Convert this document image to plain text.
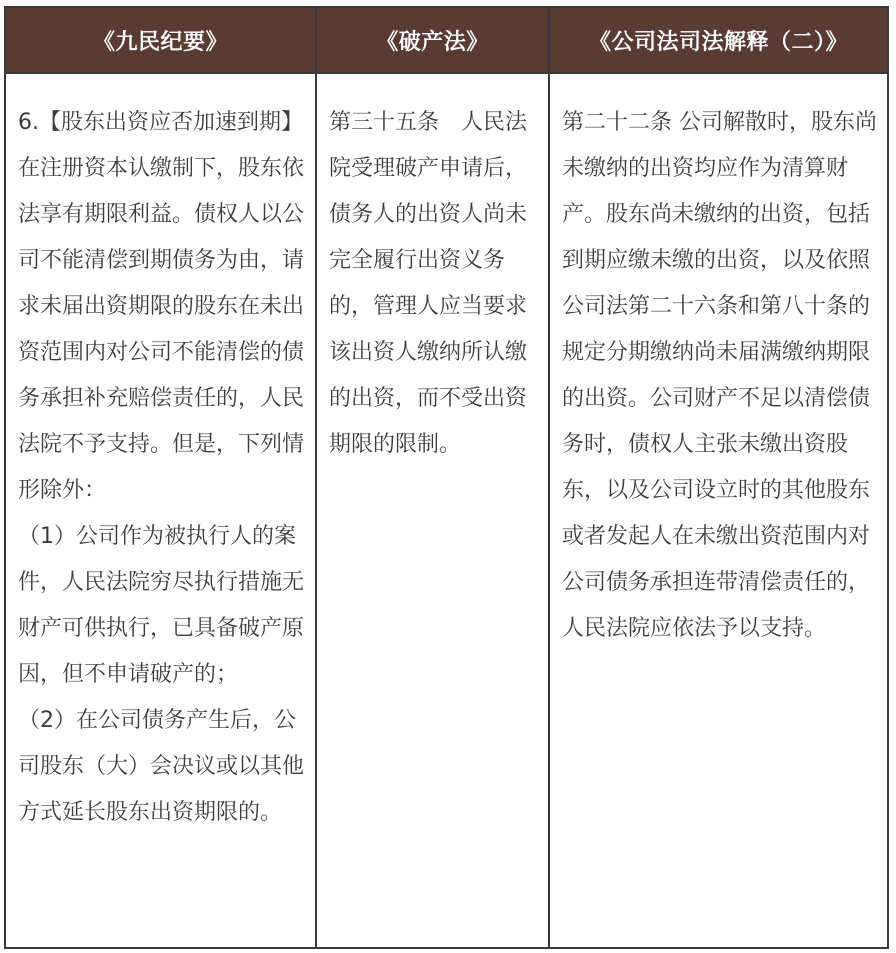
《九民纪要》	《破产法》	《公司法司法解释（二）》

6.【股东出资应否加速到期】在注册资本认缴制下，股东依法享有期限利益。债权人以公司不能清偿到期债务为由，请求未届出资期限的股东在未出资范围内对公司不能清偿的债务承担补充赔偿责任的，人民法院不予支持。但是，下列情形除外：
（1）公司作为被执行人的案件，人民法院穷尽执行措施无财产可供执行，已具备破产原因，但不申请破产的；
（2）在公司债务产生后，公司股东（大）会决议或以其他方式延长股东出资期限的。	第三十五条　人民法院受理破产申请后，债务人的出资人尚未完全履行出资义务的，管理人应当要求该出资人缴纳所认缴的出资，而不受出资期限的限制。	第二十二条 公司解散时，股东尚未缴纳的出资均应作为清算财产。股东尚未缴纳的出资，包括到期应缴未缴的出资，以及依照公司法第二十六条和第八十条的规定分期缴纳尚未届满缴纳期限的出资。公司财产不足以清偿债务时，债权人主张未缴出资股东，以及公司设立时的其他股东或者发起人在未缴出资范围内对公司债务承担连带清偿责任的，人民法院应依法予以支持。
